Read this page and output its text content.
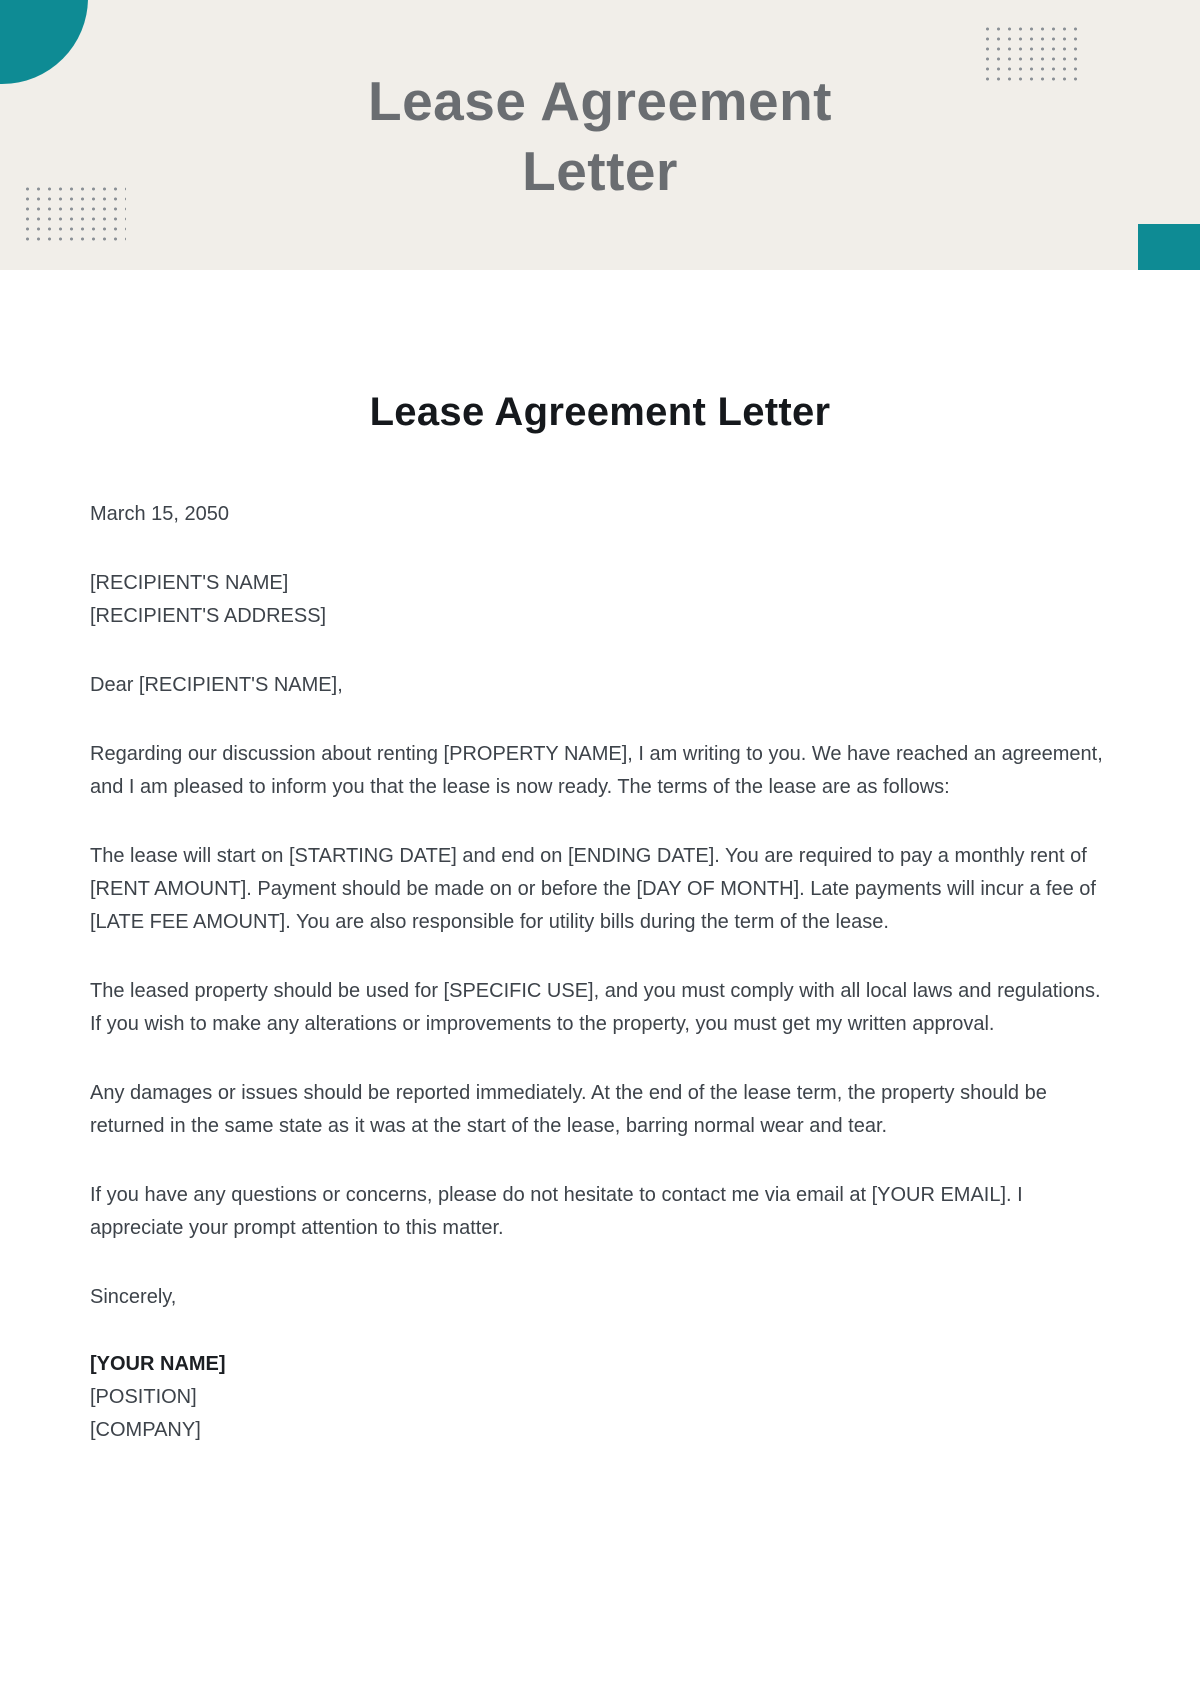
Lease Agreement
Letter
Lease Agreement Letter

March 15, 2050

[RECIPIENT'S NAME]
[RECIPIENT'S ADDRESS]

Dear [RECIPIENT'S NAME],

Regarding our discussion about renting [PROPERTY NAME], I am writing to you. We have reached an agreement, and I am pleased to inform you that the lease is now ready. The terms of the lease are as follows:

The lease will start on [STARTING DATE] and end on [ENDING DATE]. You are required to pay a monthly rent of [RENT AMOUNT]. Payment should be made on or before the [DAY OF MONTH]. Late payments will incur a fee of [LATE FEE AMOUNT]. You are also responsible for utility bills during the term of the lease.

The leased property should be used for [SPECIFIC USE], and you must comply with all local laws and regulations. If you wish to make any alterations or improvements to the property, you must get my written approval.

Any damages or issues should be reported immediately. At the end of the lease term, the property should be returned in the same state as it was at the start of the lease, barring normal wear and tear.

If you have any questions or concerns, please do not hesitate to contact me via email at [YOUR EMAIL]. I appreciate your prompt attention to this matter.

Sincerely,

[YOUR NAME]
[POSITION]
[COMPANY]
